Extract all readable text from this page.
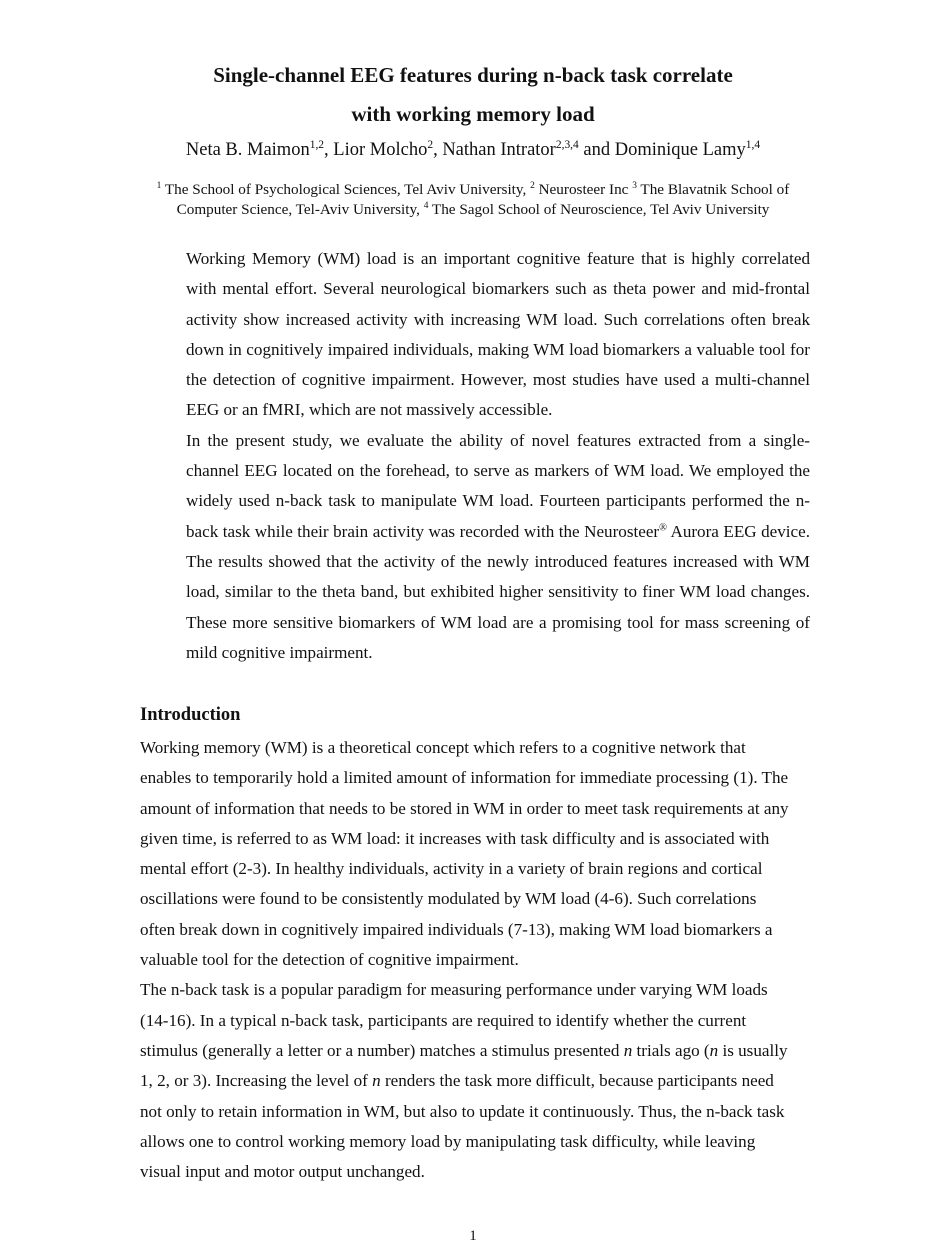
Single-channel EEG features during n-back task correlate
with working memory load
Neta B. Maimon$^{1,2}$, Lior Molcho$^2$, Nathan Intrator$^{2,3,4}$ and Dominique Lamy$^{1,4}$
$^1$ The School of Psychological Sciences, Tel Aviv University, $^2$ Neurosteer Inc $^3$ The Blavatnik School of Computer Science, Tel-Aviv University, $^4$ The Sagol School of Neuroscience, Tel Aviv University

Working Memory (WM) load is an important cognitive feature that is highly correlated with mental effort. Several neurological biomarkers such as theta power and mid-frontal activity show increased activity with increasing WM load. Such correlations often break down in cognitively impaired individuals, making WM load biomarkers a valuable tool for the detection of cognitive impairment. However, most studies have used a multi-channel EEG or an fMRI, which are not massively accessible.

In the present study, we evaluate the ability of novel features extracted from a single-channel EEG located on the forehead, to serve as markers of WM load. We employed the widely used n-back task to manipulate WM load. Fourteen participants performed the n-back task while their brain activity was recorded with the Neurosteer® Aurora EEG device. The results showed that the activity of the newly introduced features increased with WM load, similar to the theta band, but exhibited higher sensitivity to finer WM load changes. These more sensitive biomarkers of WM load are a promising tool for mass screening of mild cognitive impairment.

Introduction

Working memory (WM) is a theoretical concept which refers to a cognitive network that
enables to temporarily hold a limited amount of information for immediate processing (1). The
amount of information that needs to be stored in WM in order to meet task requirements at any
given time, is referred to as WM load: it increases with task difficulty and is associated with
mental effort (2-3). In healthy individuals, activity in a variety of brain regions and cortical
oscillations were found to be consistently modulated by WM load (4-6). Such correlations
often break down in cognitively impaired individuals (7-13), making WM load biomarkers a
valuable tool for the detection of cognitive impairment.

The n-back task is a popular paradigm for measuring performance under varying WM loads
(14-16). In a typical n-back task, participants are required to identify whether the current
stimulus (generally a letter or a number) matches a stimulus presented n trials ago (n is usually
1, 2, or 3). Increasing the level of n renders the task more difficult, because participants need
not only to retain information in WM, but also to update it continuously. Thus, the n-back task
allows one to control working memory load by manipulating task difficulty, while leaving
visual input and motor output unchanged.

1
